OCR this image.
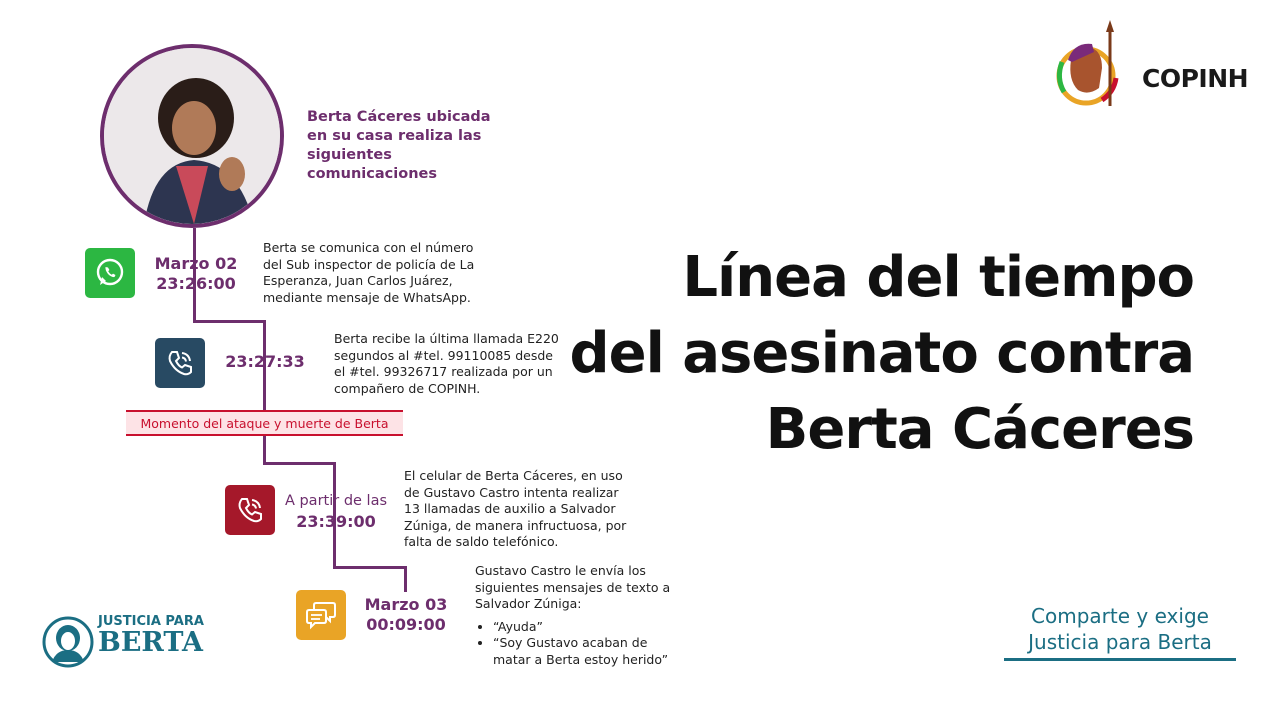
Berta Cáceres ubicada en su casa realiza las siguientes comunicaciones
Marzo 02
23:26:00
Berta se comunica con el número del Sub inspector de policía de La Esperanza, Juan Carlos Juárez, mediante mensaje de WhatsApp.
23:27:33
Berta recibe la última llamada E220 segundos al #tel. 99110085 desde el #tel. 99326717 realizada por un compañero de COPINH.
Momento del ataque y muerte de Berta
A partir de las
23:39:00
El celular de Berta Cáceres, en uso de Gustavo Castro intenta realizar 13 llamadas de auxilio a Salvador Zúniga, de manera infructuosa, por falta de saldo telefónico.
Marzo 03
00:09:00
Gustavo Castro le envía los siguientes mensajes de texto a Salvador Zúniga:
• “Ayuda”
• “Soy Gustavo acaban de matar a Berta estoy herido”
Línea del tiempo
del asesinato contra
Berta Cáceres
COPINH
JUSTICIA PARA
BERTA
Comparte y exige
Justicia para Berta
